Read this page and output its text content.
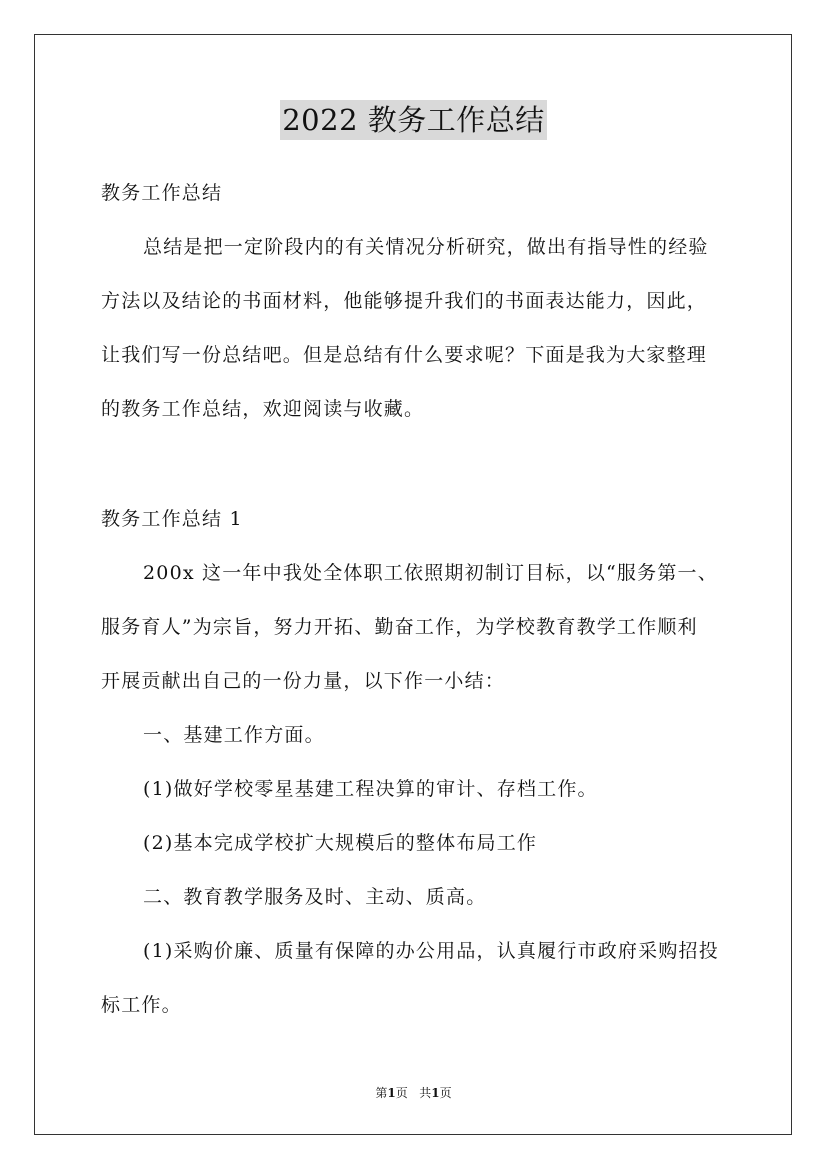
2022 教务工作总结
教务工作总结
总结是把一定阶段内的有关情况分析研究，做出有指导性的经验
方法以及结论的书面材料，他能够提升我们的书面表达能力，因此，
让我们写一份总结吧。但是总结有什么要求呢？下面是我为大家整理
的教务工作总结，欢迎阅读与收藏。
教务工作总结 1
200x 这一年中我处全体职工依照期初制订目标，以“服务第一、
服务育人”为宗旨，努力开拓、勤奋工作，为学校教育教学工作顺利
开展贡献出自己的一份力量，以下作一小结：
一、基建工作方面。
(1)做好学校零星基建工程决算的审计、存档工作。
(2)基本完成学校扩大规模后的整体布局工作
二、教育教学服务及时、主动、质高。
(1)采购价廉、质量有保障的办公用品，认真履行市政府采购招投
标工作。
第1页 共1页
